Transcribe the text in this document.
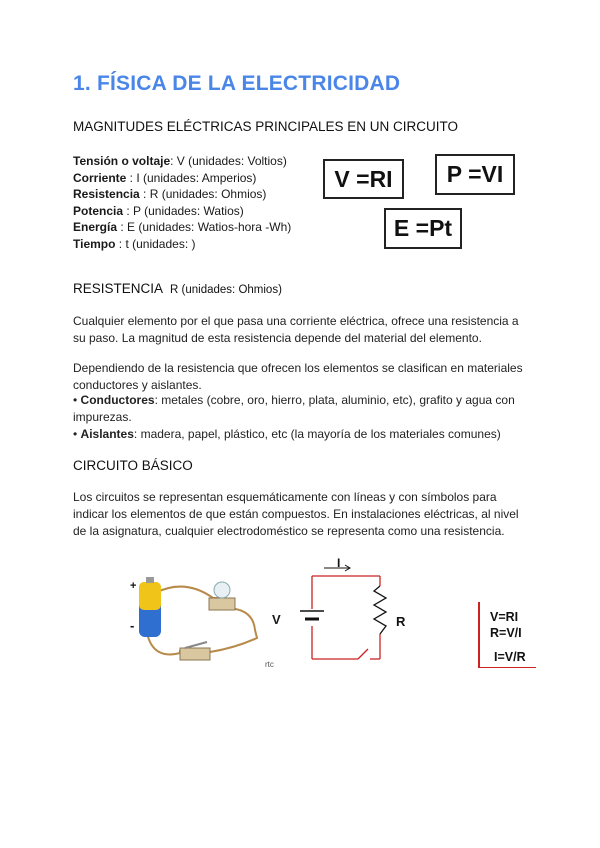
1. FÍSICA DE LA ELECTRICIDAD
MAGNITUDES ELÉCTRICAS PRINCIPALES EN UN CIRCUITO
Tensión o voltaje: V (unidades: Voltios)
Corriente : I (unidades: Amperios)
Resistencia : R (unidades: Ohmios)
Potencia : P (unidades: Watios)
Energía : E (unidades: Watios-hora -Wh)
Tiempo : t (unidades: )
V =RI	P =VI
E =Pt
RESISTENCIA R (unidades: Ohmios)

Cualquier elemento por el que pasa una corriente eléctrica, ofrece una resistencia a su paso. La magnitud de esta resistencia depende del material del elemento.

Dependiendo de la resistencia que ofrecen los elementos se clasifican en materiales conductores y aislantes.

• Conductores: metales (cobre, oro, hierro, plata, aluminio, etc), grafito y agua con impurezas.
• Aislantes: madera, papel, plástico, etc (la mayoría de los materiales comunes)
CIRCUITO BÁSICO

Los circuitos se representan esquemáticamente con líneas y con símbolos para indicar los elementos de que están compuestos. En instalaciones eléctricas, al nivel de la asignatura, cualquier electrodoméstico se representa como una resistencia.

+
-
rtc
I
R
V	V=RI
R=V/I
I=V/R
